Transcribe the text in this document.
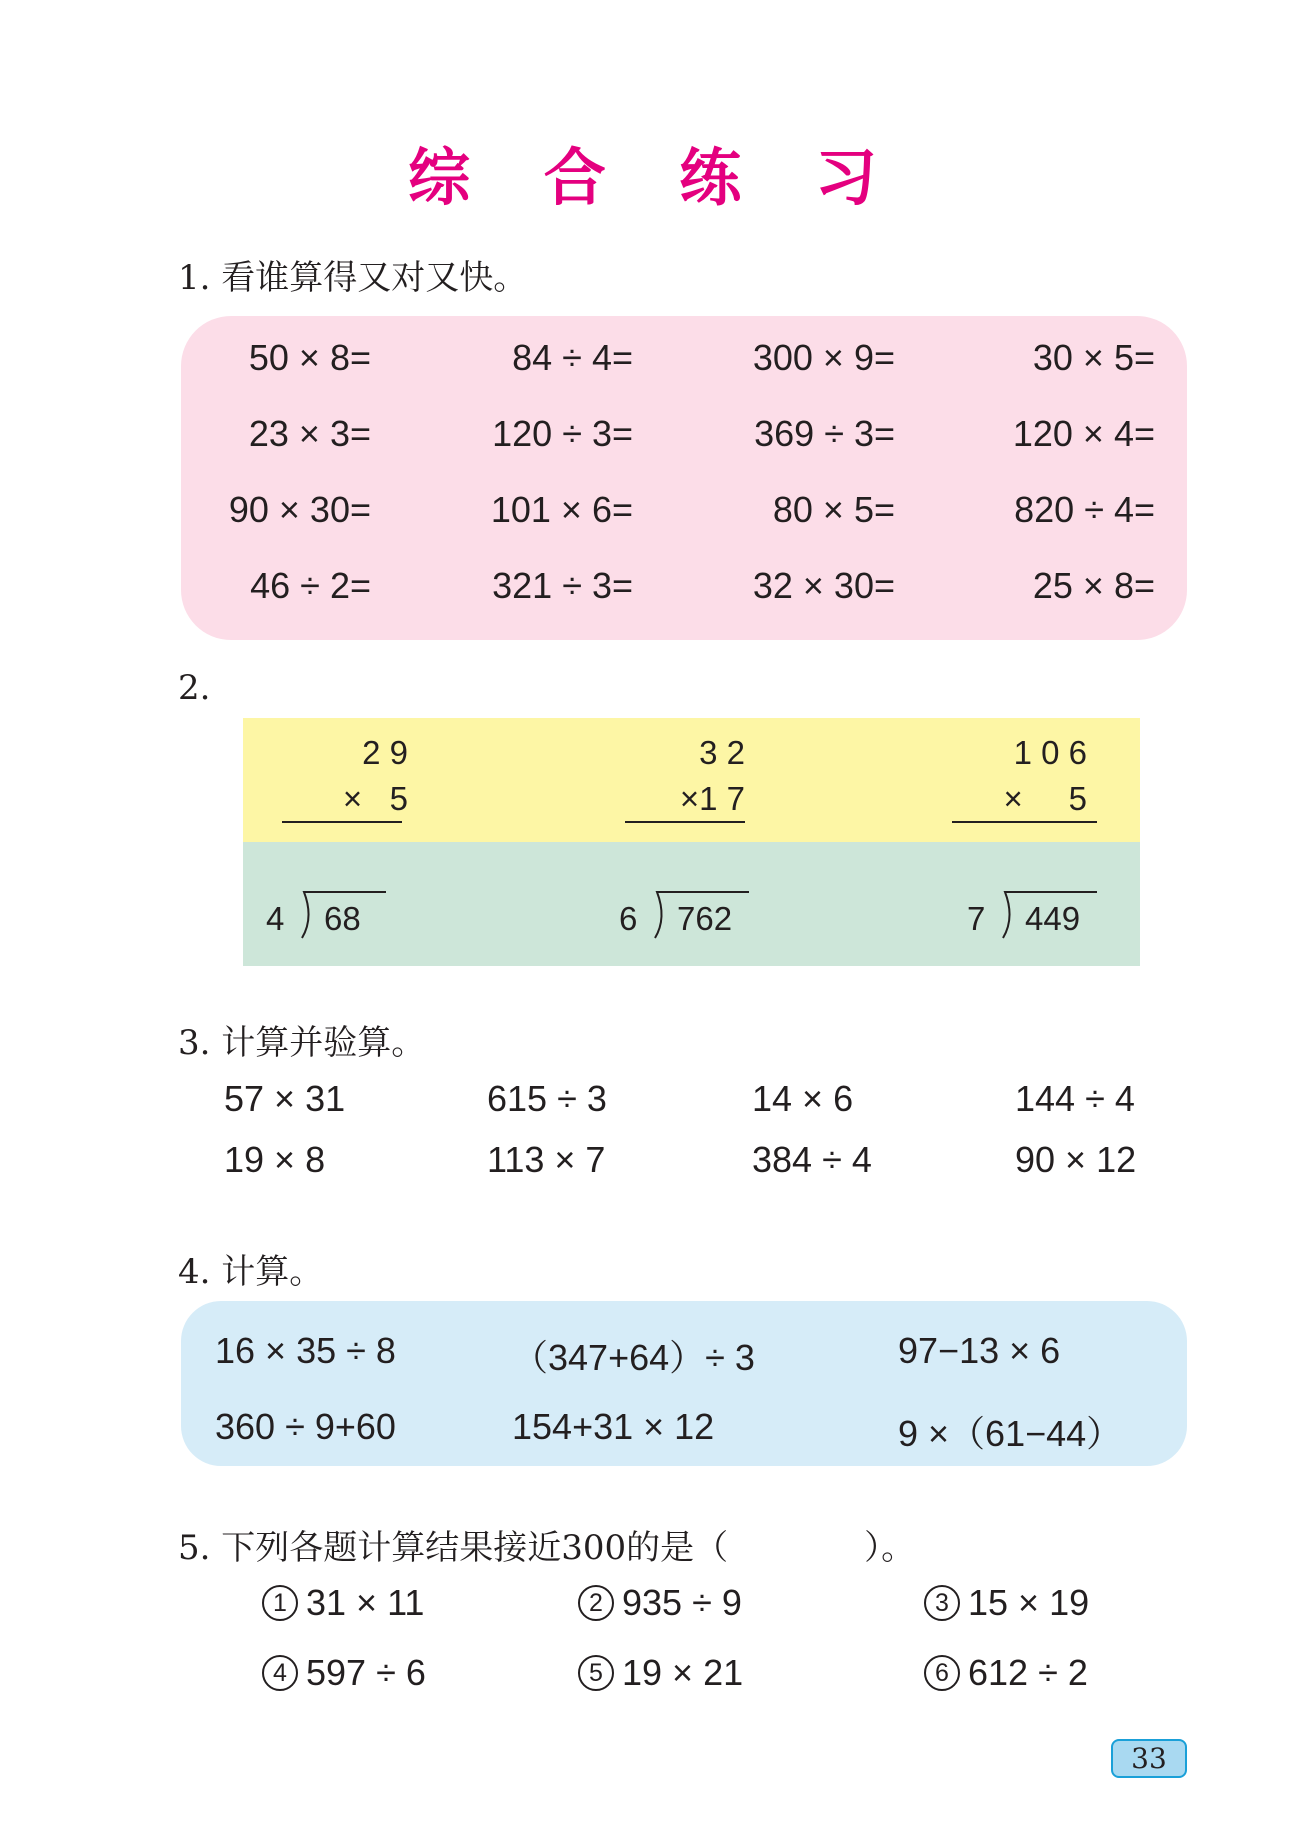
综 合 练 习
1. 看谁算得又对又快。
50 × 8=	84 ÷ 4=	300 × 9=	30 × 5=
23 × 3=	120 ÷ 3=	369 ÷ 3=	120 × 4=
90 × 30=	101 × 6=	80 × 5=	820 ÷ 4=
46 ÷ 2=	321 ÷ 3=	32 × 30=	25 × 8=
2.
2 9
×   5
3 2
×1 7
1 0 6
×     5
4 68	6 762	7 449
3. 计算并验算。
57 × 31	615 ÷ 3	14 × 6	144 ÷ 4
19 × 8	113 × 7	384 ÷ 4	90 × 12
4. 计算。
16 × 35 ÷ 8	（347+64）÷ 3	97−13 × 6
360 ÷ 9+60	154+31 × 12	9 ×（61−44）
5. 下列各题计算结果接近300的是（　　　　）。
1 31 × 11	2 935 ÷ 9	3 15 × 19
4 597 ÷ 6	5 19 × 21	6 612 ÷ 2
33
